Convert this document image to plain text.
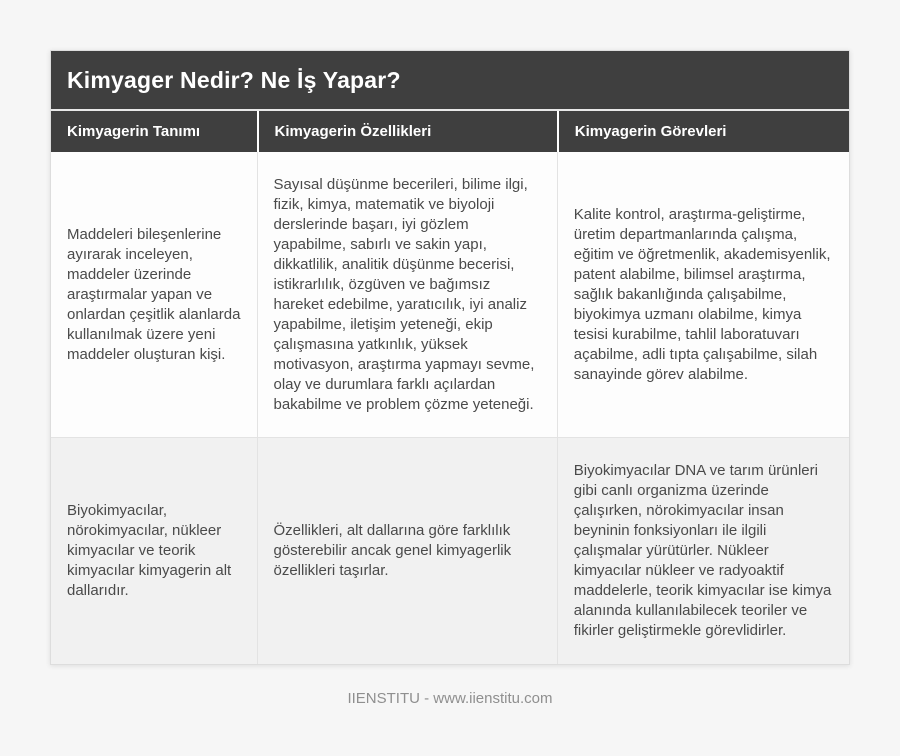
Kimyager Nedir? Ne İş Yapar?
Kimyagerin Tanımı	Kimyagerin Özellikleri	Kimyagerin Görevleri

Maddeleri bileşenlerine ayırarak inceleyen, maddeler üzerinde araştırmalar yapan ve onlardan çeşitlik alanlarda kullanılmak üzere yeni maddeler oluşturan kişi.

Sayısal düşünme becerileri, bilime ilgi, fizik, kimya, matematik ve biyoloji derslerinde başarı, iyi gözlem yapabilme, sabırlı ve sakin yapı, dikkatlilik, analitik düşünme becerisi, istikrarlılık, özgüven ve bağımsız hareket edebilme, yaratıcılık, iyi analiz yapabilme, iletişim yeteneği, ekip çalışmasına yatkınlık, yüksek motivasyon, araştırma yapmayı sevme, olay ve durumlara farklı açılardan bakabilme ve problem çözme yeteneği.

Kalite kontrol, araştırma-geliştirme, üretim departmanlarında çalışma, eğitim ve öğretmenlik, akademisyenlik, patent alabilme, bilimsel araştırma, sağlık bakanlığında çalışabilme, biyokimya uzmanı olabilme, kimya tesisi kurabilme, tahlil laboratuvarı açabilme, adli tıpta çalışabilme, silah sanayinde görev alabilme.

Biyokimyacılar, nörokimyacılar, nükleer kimyacılar ve teorik kimyacılar kimyagerin alt dallarıdır.

Özellikleri, alt dallarına göre farklılık gösterebilir ancak genel kimyagerlik özellikleri taşırlar.

Biyokimyacılar DNA ve tarım ürünleri gibi canlı organizma üzerinde çalışırken, nörokimyacılar insan beyninin fonksiyonları ile ilgili çalışmalar yürütürler. Nükleer kimyacılar nükleer ve radyoaktif maddelerle, teorik kimyacılar ise kimya alanında kullanılabilecek teoriler ve fikirler geliştirmekle görevlidirler.

IIENSTITU - www.iienstitu.com
